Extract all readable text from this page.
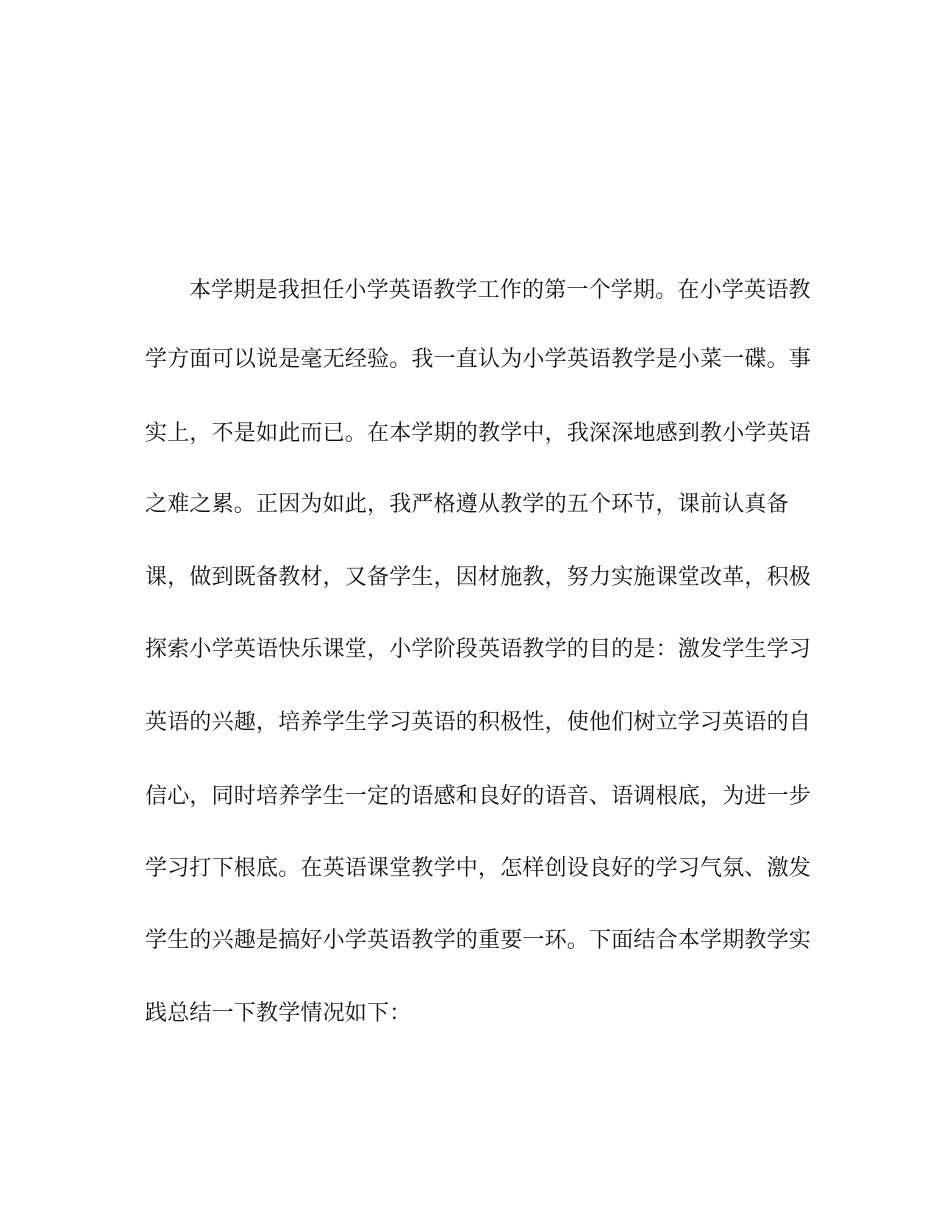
本学期是我担任小学英语教学工作的第一个学期。在小学英语教
学方面可以说是毫无经验。我一直认为小学英语教学是小菜一碟。事
实上，不是如此而已。在本学期的教学中，我深深地感到教小学英语
之难之累。正因为如此，我严格遵从教学的五个环节，课前认真备
课，做到既备教材，又备学生，因材施教，努力实施课堂改革，积极
探索小学英语快乐课堂，小学阶段英语教学的目的是：激发学生学习
英语的兴趣，培养学生学习英语的积极性，使他们树立学习英语的自
信心，同时培养学生一定的语感和良好的语音、语调根底，为进一步
学习打下根底。在英语课堂教学中，怎样创设良好的学习气氛、激发
学生的兴趣是搞好小学英语教学的重要一环。下面结合本学期教学实
践总结一下教学情况如下：
